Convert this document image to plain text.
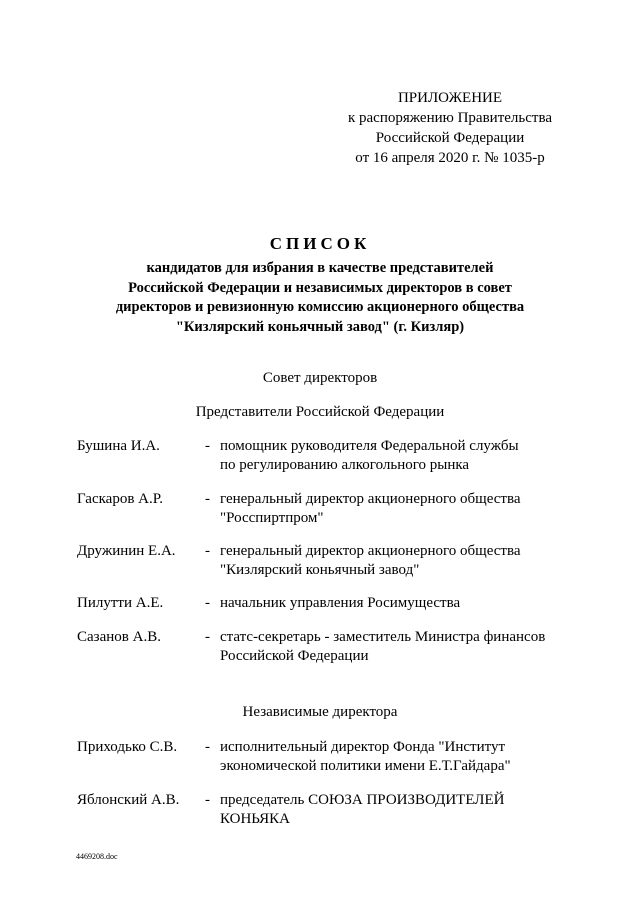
ПРИЛОЖЕНИЕ
к распоряжению Правительства
Российской Федерации
от 16 апреля 2020 г. № 1035-р
СПИСОК
кандидатов для избрания в качестве представителей
Российской Федерации и независимых директоров в совет
директоров и ревизионную комиссию акционерного общества
"Кизлярский коньячный завод" (г. Кизляр)
Совет директоров
Представители Российской Федерации
Бушина И.А.	- помощник руководителя Федеральной службы
по регулированию алкогольного рынка
Гаскаров А.Р.	- генеральный директор акционерного общества
"Росспиртпром"
Дружинин Е.А. - генеральный директор акционерного общества
"Кизлярский коньячный завод"
Пилутти А.Е.	- начальник управления Росимущества
Сазанов А.В.	- статс-секретарь - заместитель Министра финансов
Российской Федерации
Независимые директора
Приходько С.В. - исполнительный директор Фонда "Институт
экономической политики имени Е.Т.Гайдара"
Яблонский А.В. - председатель СОЮЗА ПРОИЗВОДИТЕЛЕЙ
КОНЬЯКА
4469208.doc
